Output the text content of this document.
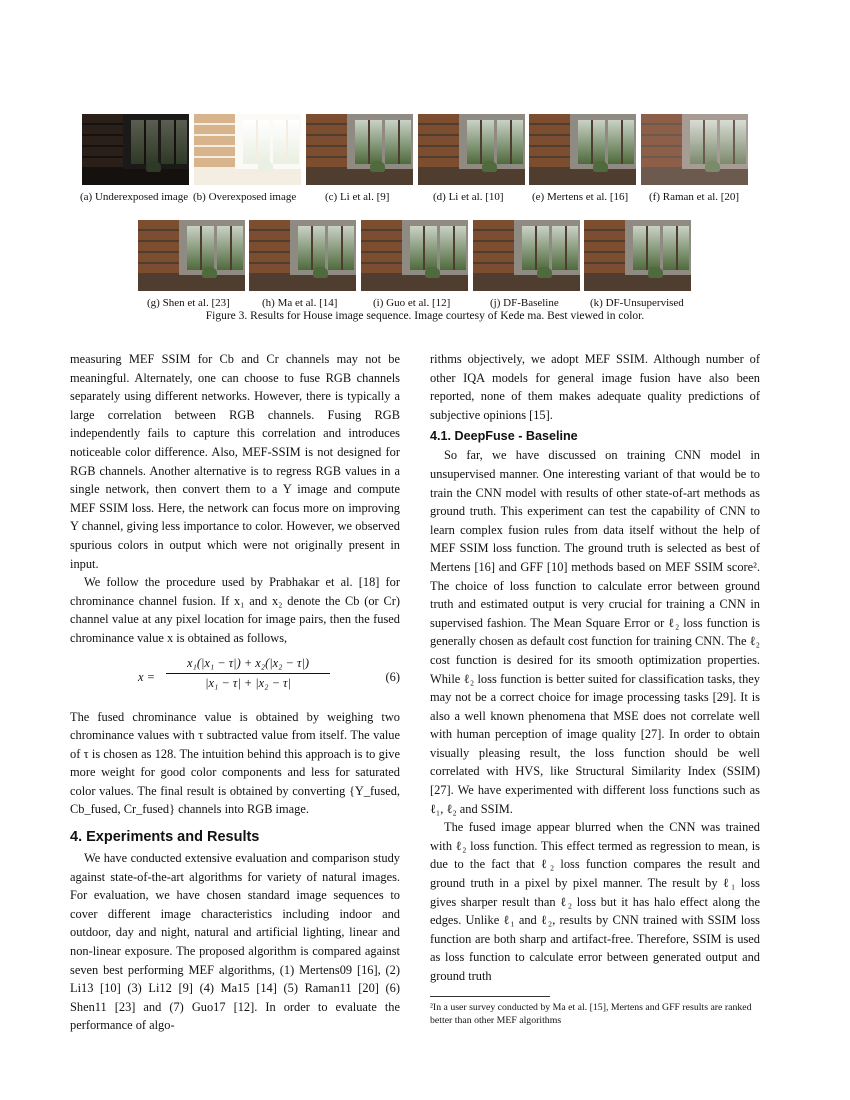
(a) Underexposed image (b) Overexposed image	(c) Li et al. [9]	(d) Li et al. [10]	(e) Mertens et al. [16] (f) Raman et al. [20]
(g) Shen et al. [23]	(h) Ma et al. [14]	(i) Guo et al. [12]	(j) DF-Baseline	(k) DF-Unsupervised
Figure 3. Results for House image sequence. Image courtesy of Kede ma. Best viewed in color.

measuring MEF SSIM for Cb and Cr channels may not be meaningful. Alternately, one can choose to fuse RGB channels separately using different networks. However, there is typically a large correlation between RGB channels. Fusing RGB independently fails to capture this correlation and introduces noticeable color difference. Also, MEF-SSIM is not designed for RGB channels. Another alternative is to regress RGB values in a single network, then convert them to a Y image and compute MEF SSIM loss. Here, the network can focus more on improving Y channel, giving less importance to color. However, we observed spurious colors in output which were not originally present in input.

We follow the procedure used by Prabhakar et al. [18] for chrominance channel fusion. If x₁ and x₂ denote the Cb (or Cr) channel value at any pixel location for image pairs, then the fused chrominance value x is obtained as follows,

$x = \frac{\text{x₁(|x₁ − τ|) + x₂(|x₂ − τ|)}}{\text{|x₁ − τ| + |x₂ − τ|}}$	(6)

The fused chrominance value is obtained by weighing two chrominance values with τ subtracted value from itself. The value of τ is chosen as 128. The intuition behind this approach is to give more weight for good color components and less for saturated color values. The final result is obtained by converting {Y_fused, Cb_fused, Cr_fused} channels into RGB image.

4. Experiments and Results

We have conducted extensive evaluation and comparison study against state-of-the-art algorithms for variety of natural images. For evaluation, we have chosen standard image sequences to cover different image characteristics including indoor and outdoor, day and night, natural and artificial lighting, linear and non-linear exposure. The proposed algorithm is compared against seven best performing MEF algorithms, (1) Mertens09 [16], (2) Li13 [10] (3) Li12 [9] (4) Ma15 [14] (5) Raman11 [20] (6) Shen11 [23] and (7) Guo17 [12]. In order to evaluate the performance of algo-

rithms objectively, we adopt MEF SSIM. Although number of other IQA models for general image fusion have also been reported, none of them makes adequate quality predictions of subjective opinions [15].

4.1. DeepFuse - Baseline

So far, we have discussed on training CNN model in unsupervised manner. One interesting variant of that would be to train the CNN model with results of other state-of-art methods as ground truth. This experiment can test the capability of CNN to learn complex fusion rules from data itself without the help of MEF SSIM loss function. The ground truth is selected as best of Mertens [16] and GFF [10] methods based on MEF SSIM score². The choice of loss function to calculate error between ground truth and estimated output is very crucial for training a CNN in supervised fashion. The Mean Square Error or ℓ₂ loss function is generally chosen as default cost function for training CNN. The ℓ₂ cost function is desired for its smooth optimization properties. While ℓ₂ loss function is better suited for classification tasks, they may not be a correct choice for image processing tasks [29]. It is also a well known phenomena that MSE does not correlate well with human perception of image quality [27]. In order to obtain visually pleasing result, the loss function should be well correlated with HVS, like Structural Similarity Index (SSIM) [27]. We have experimented with different loss functions such as ℓ₁, ℓ₂ and SSIM.

The fused image appear blurred when the CNN was trained with ℓ₂ loss function. This effect termed as regression to mean, is due to the fact that ℓ₂ loss function compares the result and ground truth in a pixel by pixel manner. The result by ℓ₁ loss gives sharper result than ℓ₂ loss but it has halo effect along the edges. Unlike ℓ₁ and ℓ₂, results by CNN trained with SSIM loss function are both sharp and artifact-free. Therefore, SSIM is used as loss function to calculate error between generated output and ground truth

²In a user survey conducted by Ma et al. [15], Mertens and GFF results are ranked better than other MEF algorithms
